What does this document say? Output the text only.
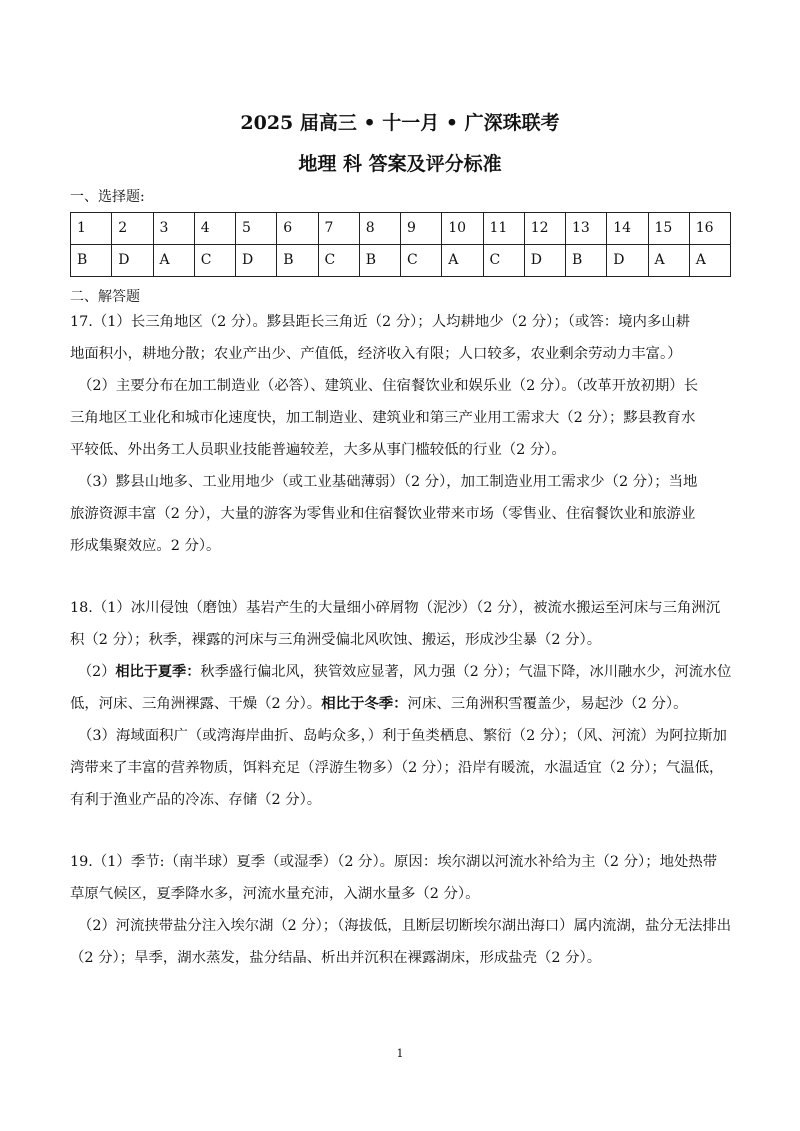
2025 届高三 • 十一月 • 广深珠联考
地理 科 答案及评分标准
一、选择题:
1	2	3	4	5	6	7	8	9	10	11	12	13	14	15	16
B	D	A	C	D	B	C	B	C	A	C	D	B	D	A	A
二、解答题
17.（1）长三角地区（2 分）。黟县距长三角近（2 分）；人均耕地少（2 分）；（或答：境内多山耕
地面积小，耕地分散；农业产出少、产值低，经济收入有限；人口较多，农业剩余劳动力丰富。）
（2）主要分布在加工制造业（必答）、建筑业、住宿餐饮业和娱乐业（2 分）。（改革开放初期）长
三角地区工业化和城市化速度快，加工制造业、建筑业和第三产业用工需求大（2 分）；黟县教育水
平较低、外出务工人员职业技能普遍较差，大多从事门槛较低的行业（2 分）。
（3）黟县山地多、工业用地少（或工业基础薄弱）（2 分），加工制造业用工需求少（2 分）；当地
旅游资源丰富（2 分），大量的游客为零售业和住宿餐饮业带来市场（零售业、住宿餐饮业和旅游业
形成集聚效应。2 分）。
18.（1）冰川侵蚀（磨蚀）基岩产生的大量细小碎屑物（泥沙）（2 分），被流水搬运至河床与三角洲沉
积（2 分）；秋季，裸露的河床与三角洲受偏北风吹蚀、搬运，形成沙尘暴（2 分）。
（2）相比于夏季：秋季盛行偏北风，狭管效应显著，风力强（2 分）；气温下降，冰川融水少，河流水位
低，河床、三角洲裸露、干燥（2 分）。相比于冬季：河床、三角洲积雪覆盖少，易起沙（2 分）。
（3）海域面积广（或湾海岸曲折、岛屿众多，）利于鱼类栖息、繁衍（2 分）；（风、河流）为阿拉斯加
湾带来了丰富的营养物质，饵料充足（浮游生物多）（2 分）；沿岸有暖流，水温适宜（2 分）；气温低，
有利于渔业产品的冷冻、存储（2 分）。
19.（1）季节:（南半球）夏季（或湿季）（2 分）。原因：埃尔湖以河流水补给为主（2 分）；地处热带
草原气候区，夏季降水多，河流水量充沛，入湖水量多（2 分）。
（2）河流挟带盐分注入埃尔湖（2 分）；（海拔低，且断层切断埃尔湖出海口）属内流湖，盐分无法排出
（2 分）；旱季，湖水蒸发，盐分结晶、析出并沉积在裸露湖床，形成盐壳（2 分）。
1
